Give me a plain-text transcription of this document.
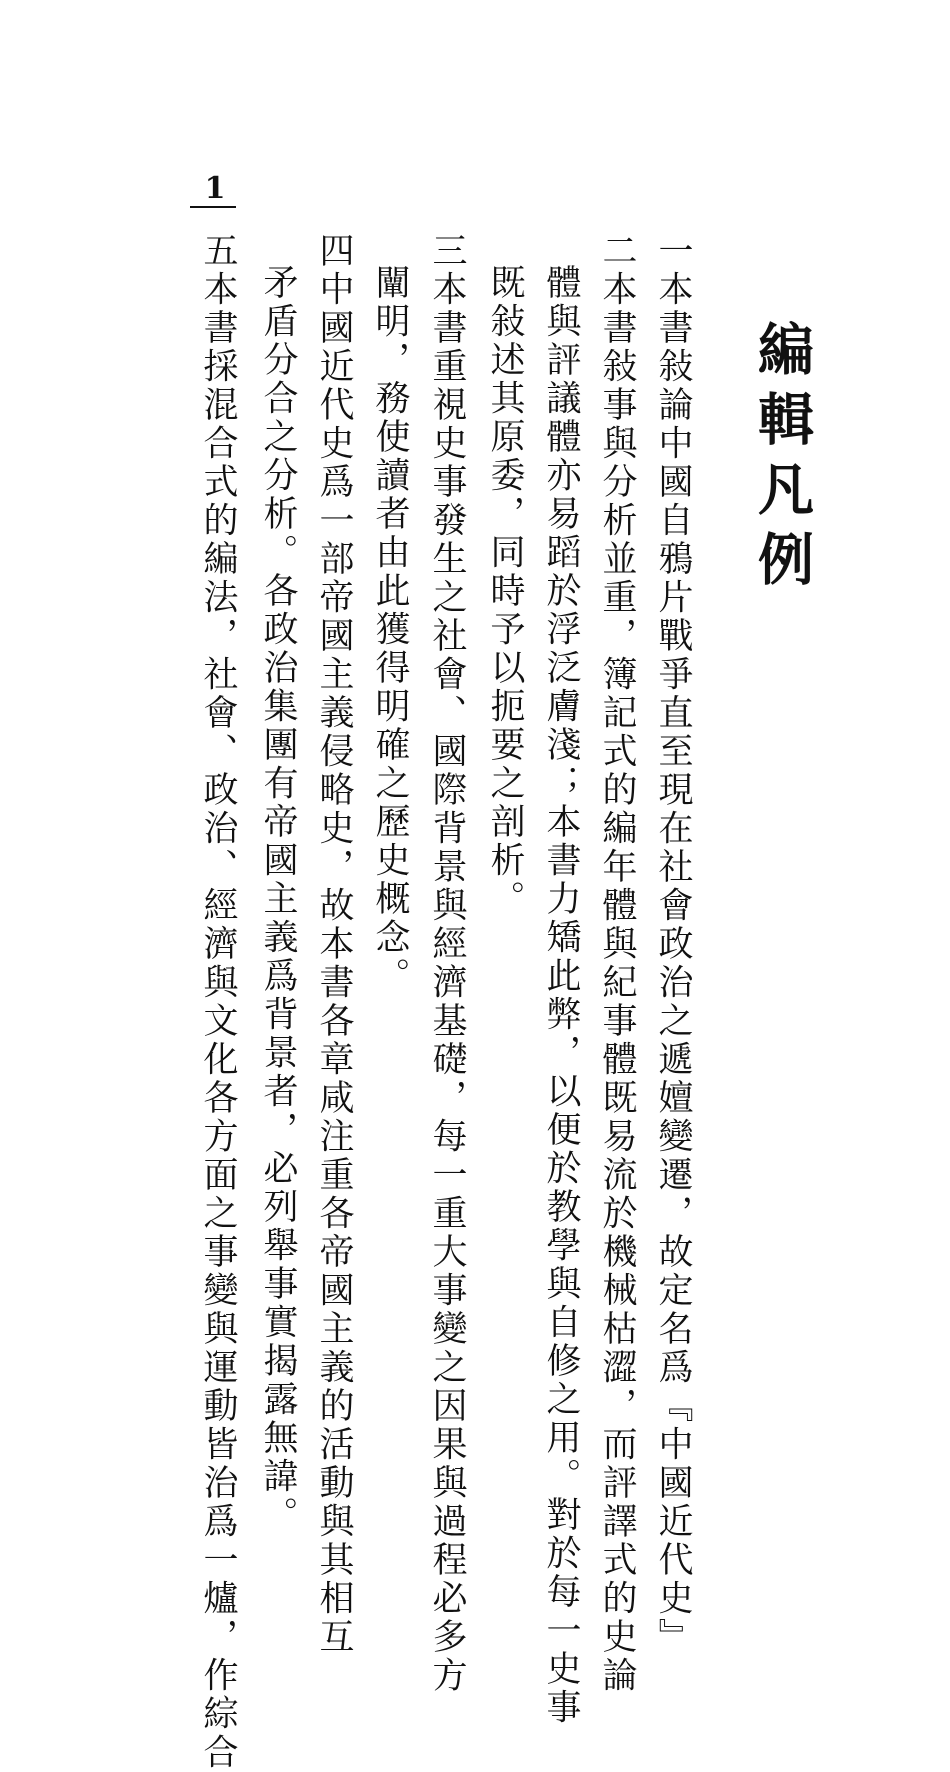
編輯凡例
一本書敍論中國自鴉片戰爭直至現在社會政治之遞嬗變遷，故定名爲『中國近代史』
二本書敍事與分析並重，簿記式的編年體與紀事體既易流於機械枯澀，而評譯式的史論
體與評議體亦易蹈於浮泛膚淺；本書力矯此弊，以便於教學與自修之用。對於每一史事
既敍述其原委，同時予以扼要之剖析。
三本書重視史事發生之社會、國際背景與經濟基礎，每一重大事變之因果與過程必多方
闡明，務使讀者由此獲得明確之歷史概念。
四中國近代史爲一部帝國主義侵略史，故本書各章咸注重各帝國主義的活動與其相互
矛盾分合之分析。各政治集團有帝國主義爲背景者，必列舉事實揭露無諱。
五本書採混合式的編法，社會、政治、經濟與文化各方面之事變與運動皆治爲一爐，作綜合
1
